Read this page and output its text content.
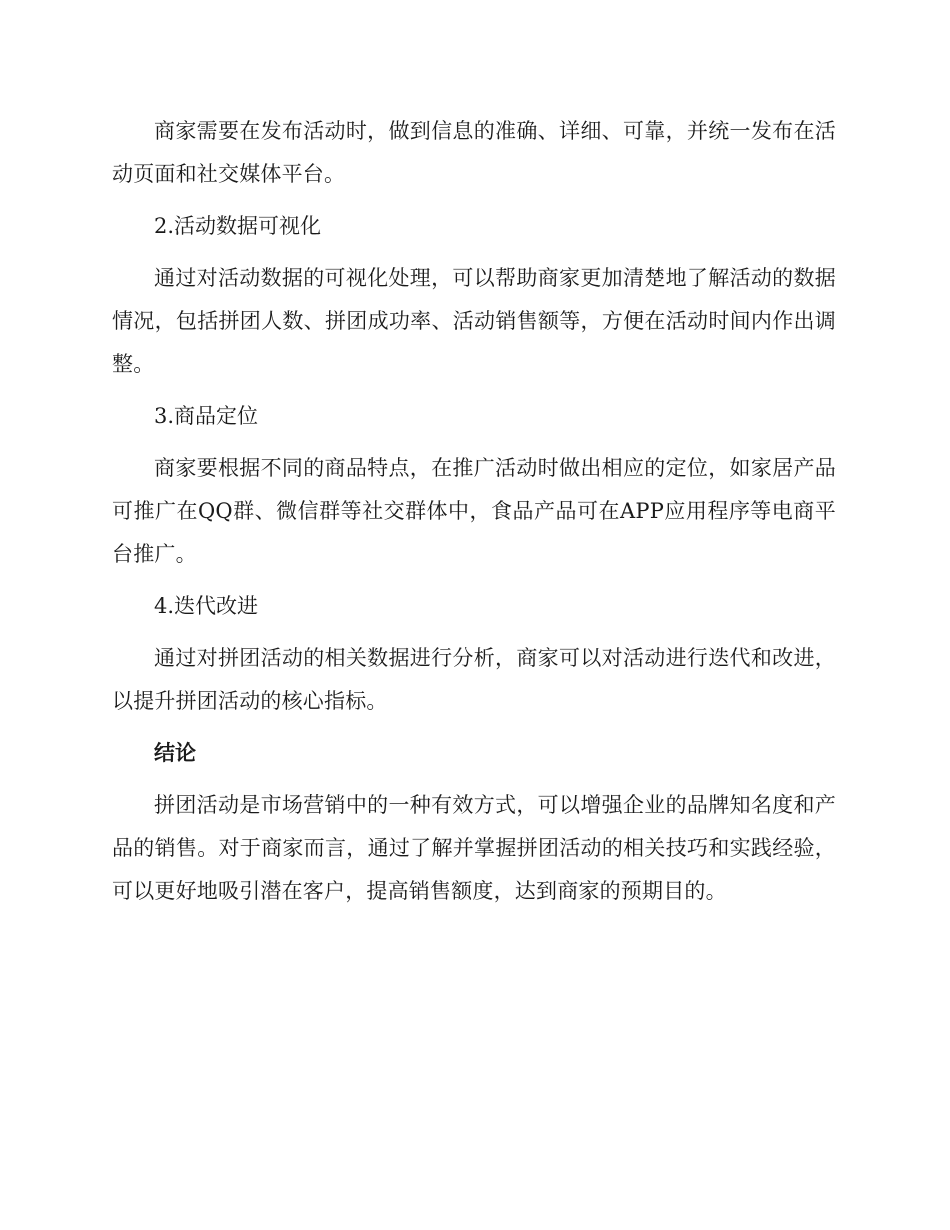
商家需要在发布活动时，做到信息的准确、详细、可靠，并统一发布在活动页面和社交媒体平台。

2.活动数据可视化

通过对活动数据的可视化处理，可以帮助商家更加清楚地了解活动的数据情况，包括拼团人数、拼团成功率、活动销售额等，方便在活动时间内作出调整。

3.商品定位

商家要根据不同的商品特点，在推广活动时做出相应的定位，如家居产品可推广在QQ群、微信群等社交群体中，食品产品可在APP应用程序等电商平台推广。

4.迭代改进

通过对拼团活动的相关数据进行分析，商家可以对活动进行迭代和改进，以提升拼团活动的核心指标。

结论

拼团活动是市场营销中的一种有效方式，可以增强企业的品牌知名度和产品的销售。对于商家而言，通过了解并掌握拼团活动的相关技巧和实践经验，可以更好地吸引潜在客户，提高销售额度，达到商家的预期目的。
